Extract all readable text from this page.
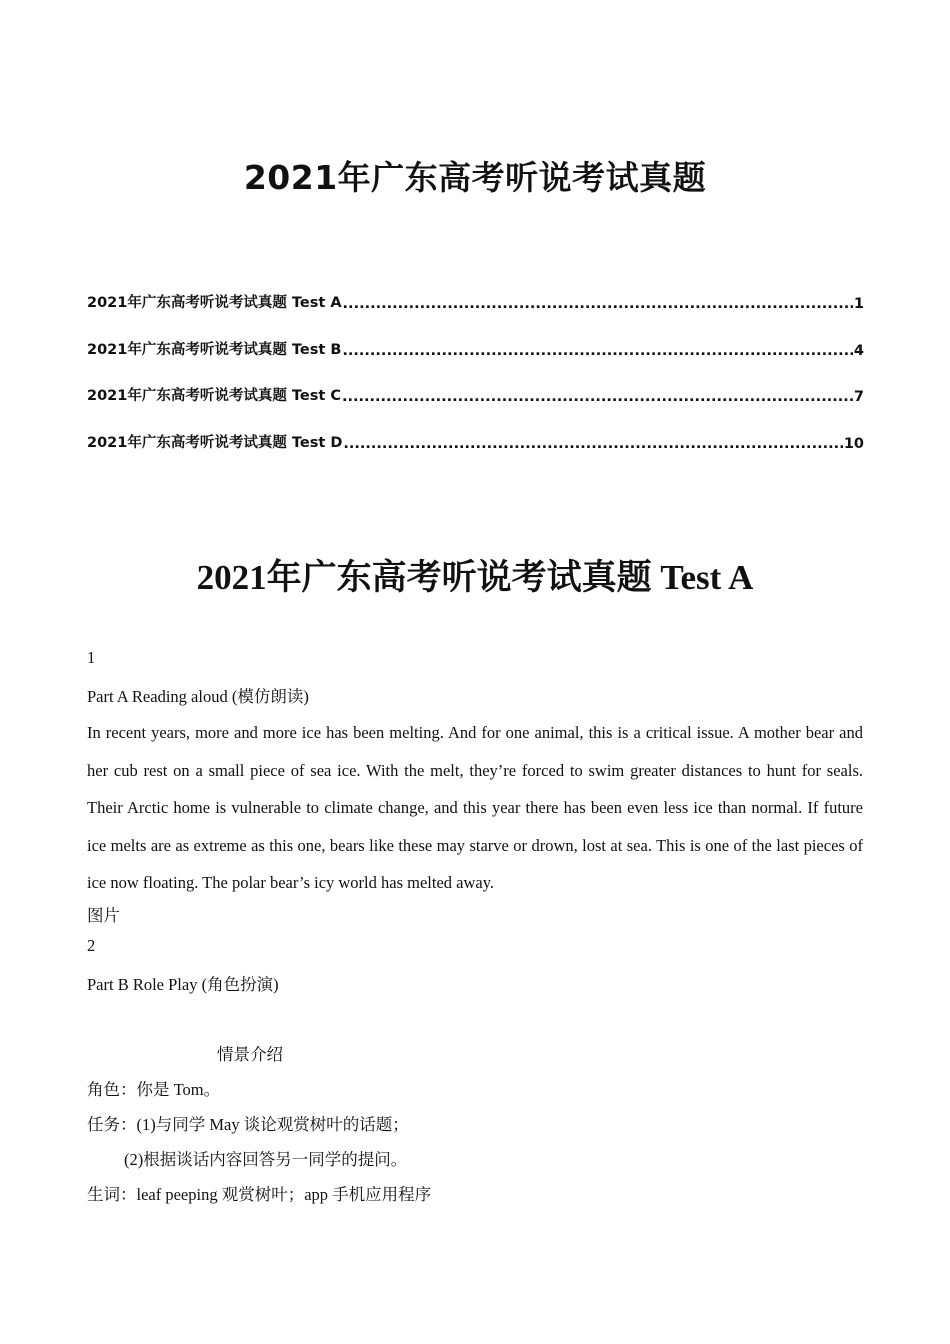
2021年广东高考听说考试真题
2021年广东高考听说考试真题 Test A .....	1
2021年广东高考听说考试真题 Test B .....	4
2021年广东高考听说考试真题 Test C .....	7
2021年广东高考听说考试真题 Test D .....	10
2021年广东高考听说考试真题 Test A
1
Part A Reading aloud (模仿朗读)
In recent years, more and more ice has been melting. And for one animal, this is a critical issue. A mother bear and her cub rest on a small piece of sea ice. With the melt, they’re forced to swim greater distances to hunt for seals. Their Arctic home is vulnerable to climate change, and this year there has been even less ice than normal. If future ice melts are as extreme as this one, bears like these may starve or drown, lost at sea. This is one of the last pieces of ice now floating. The polar bear’s icy world has melted away.
图片
2
Part B Role Play (角色扮演)
情景介绍
角色：你是 Tom。
任务：(1)与同学 May 谈论观赏树叶的话题；
(2)根据谈话内容回答另一同学的提问。
生词：leaf peeping 观赏树叶；app 手机应用程序
